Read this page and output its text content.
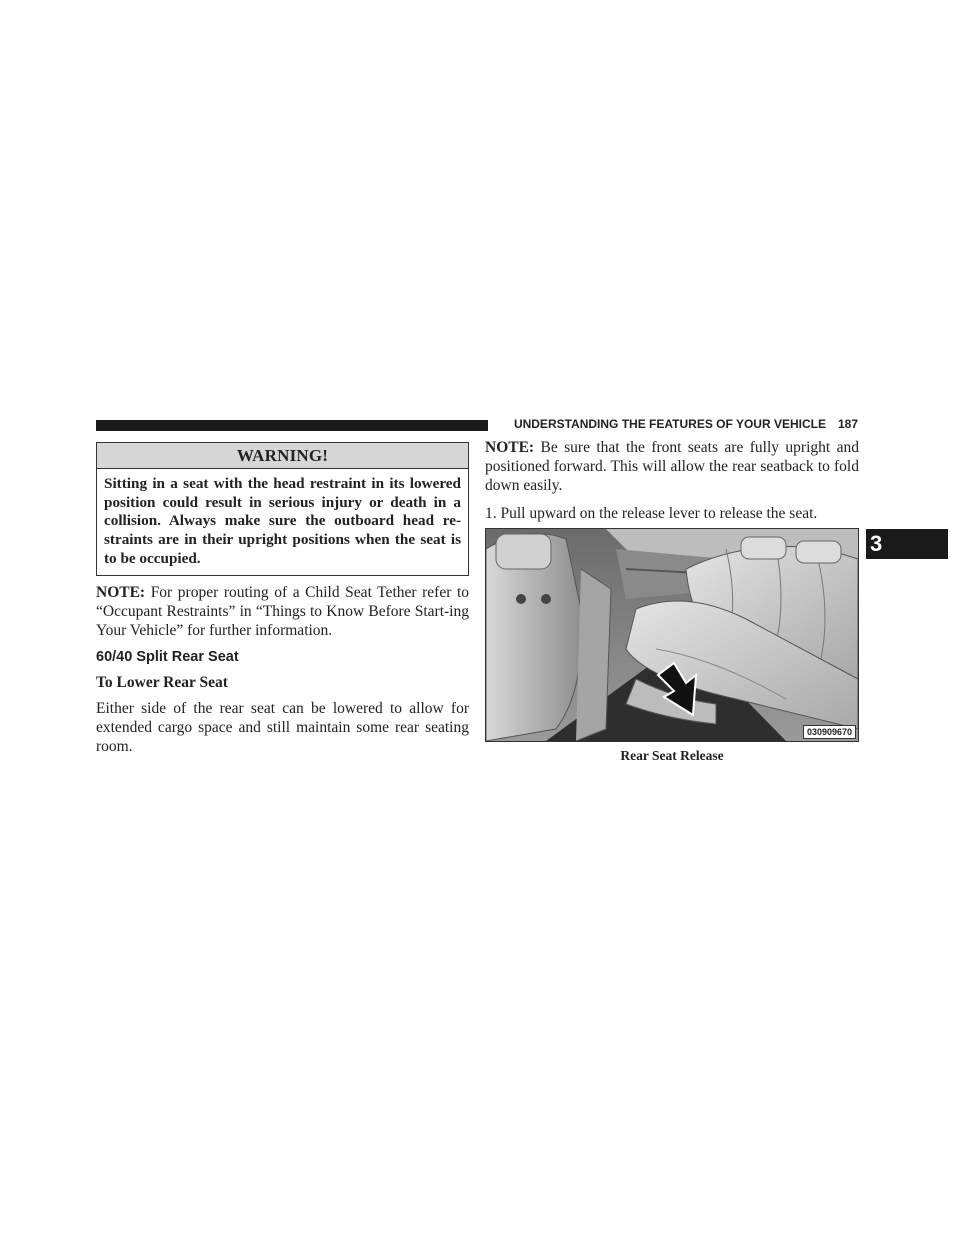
UNDERSTANDING THE FEATURES OF YOUR VEHICLE 187
WARNING!
Sitting in a seat with the head restraint in its lowered position could result in serious injury or death in a collision. Always make sure the outboard head re-straints are in their upright positions when the seat is to be occupied.

NOTE: For proper routing of a Child Seat Tether refer to “Occupant Restraints” in “Things to Know Before Start-ing Your Vehicle” for further information.

60/40 Split Rear Seat
To Lower Rear Seat

Either side of the rear seat can be lowered to allow for extended cargo space and still maintain some rear seating room.

NOTE: Be sure that the front seats are fully upright and positioned forward. This will allow the rear seatback to fold down easily.

1. Pull upward on the release lever to release the seat.

030909670
Rear Seat Release
3
